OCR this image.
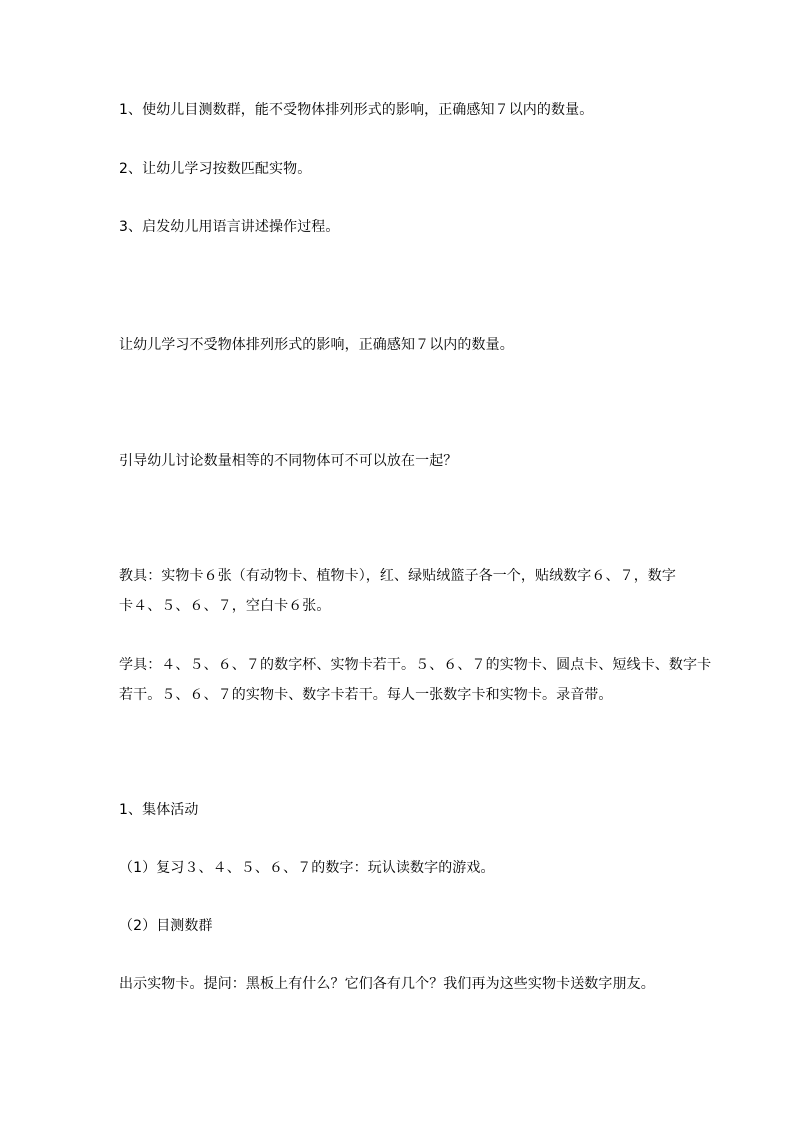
1、使幼儿目测数群，能不受物体排列形式的影响，正确感知７以内的数量。
2、让幼儿学习按数匹配实物。
3、启发幼儿用语言讲述操作过程。
让幼儿学习不受物体排列形式的影响，正确感知７以内的数量。
引导幼儿讨论数量相等的不同物体可不可以放在一起？
教具：实物卡６张（有动物卡、植物卡），红、绿贴绒篮子各一个，贴绒数字６、７，数字
卡４、５、６、７，空白卡６张。
学具：４、５、６、７的数字杯、实物卡若干。５、６、７的实物卡、圆点卡、短线卡、数字卡
若干。５、６、７的实物卡、数字卡若干。每人一张数字卡和实物卡。录音带。
1、集体活动
（1）复习３、４、５、６、７的数字：玩认读数字的游戏。
（2）目测数群
出示实物卡。提问：黑板上有什么？它们各有几个？我们再为这些实物卡送数字朋友。
